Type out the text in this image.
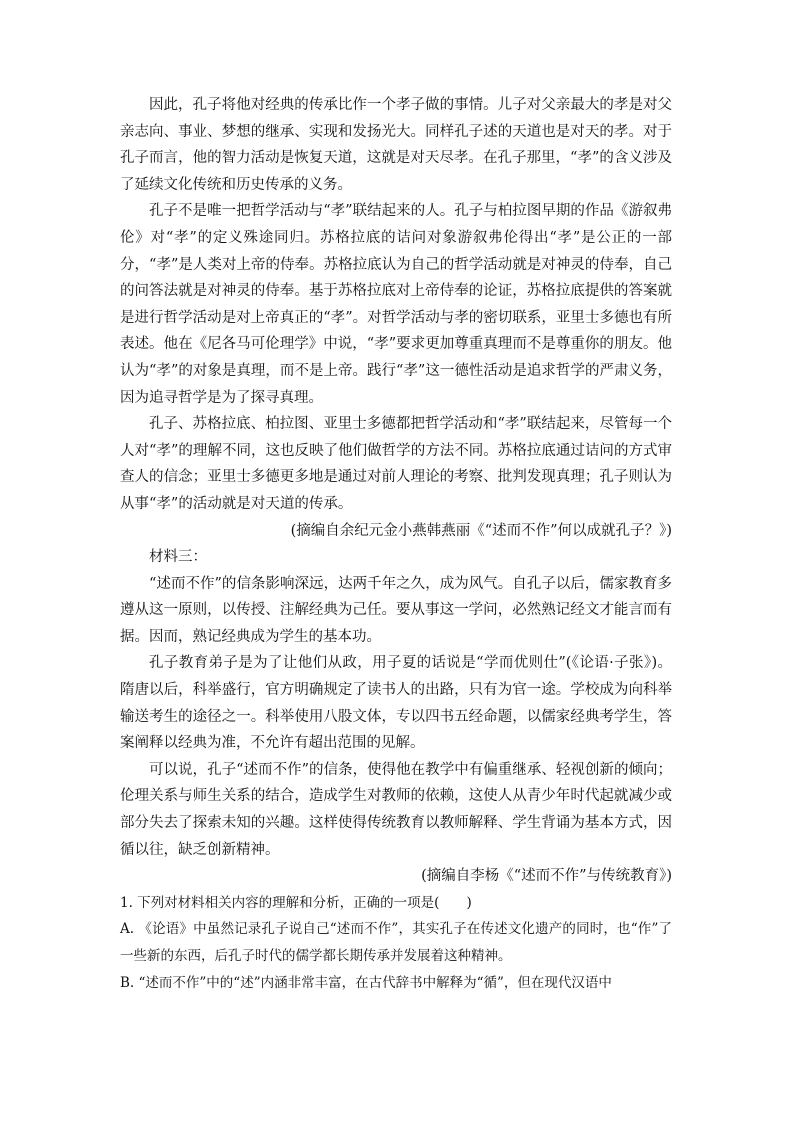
因此，孔子将他对经典的传承比作一个孝子做的事情。儿子对父亲最大的孝是对父亲志向、事业、梦想的继承、实现和发扬光大。同样孔子述的天道也是对天的孝。对于孔子而言，他的智力活动是恢复天道，这就是对天尽孝。在孔子那里，“孝”的含义涉及了延续文化传统和历史传承的义务。

孔子不是唯一把哲学活动与“孝”联结起来的人。孔子与柏拉图早期的作品《游叙弗伦》对“孝”的定义殊途同归。苏格拉底的诘问对象游叙弗伦得出“孝”是公正的一部分，“孝”是人类对上帝的侍奉。苏格拉底认为自己的哲学活动就是对神灵的侍奉，自己的问答法就是对神灵的侍奉。基于苏格拉底对上帝侍奉的论证，苏格拉底提供的答案就是进行哲学活动是对上帝真正的“孝”。对哲学活动与孝的密切联系，亚里士多德也有所表述。他在《尼各马可伦理学》中说，“孝”要求更加尊重真理而不是尊重你的朋友。他认为“孝”的对象是真理，而不是上帝。践行“孝”这一德性活动是追求哲学的严肃义务，因为追寻哲学是为了探寻真理。

孔子、苏格拉底、柏拉图、亚里士多德都把哲学活动和“孝”联结起来，尽管每一个人对“孝”的理解不同，这也反映了他们做哲学的方法不同。苏格拉底通过诘问的方式审查人的信念；亚里士多德更多地是通过对前人理论的考察、批判发现真理；孔子则认为从事“孝”的活动就是对天道的传承。

(摘编自余纪元金小燕韩燕丽《“述而不作”何以成就孔子？》)

材料三：

“述而不作”的信条影响深远，达两千年之久，成为风气。自孔子以后，儒家教育多遵从这一原则，以传授、注解经典为己任。要从事这一学问，必然熟记经文才能言而有据。因而，熟记经典成为学生的基本功。

孔子教育弟子是为了让他们从政，用子夏的话说是“学而优则仕”(《论语·子张》)。隋唐以后，科举盛行，官方明确规定了读书人的出路，只有为官一途。学校成为向科举输送考生的途径之一。科举使用八股文体，专以四书五经命题，以儒家经典考学生，答案阐释以经典为准，不允许有超出范围的见解。

可以说，孔子“述而不作”的信条，使得他在教学中有偏重继承、轻视创新的倾向；伦理关系与师生关系的结合，造成学生对教师的依赖，这使人从青少年时代起就减少或部分失去了探索未知的兴趣。这样使得传统教育以教师解释、学生背诵为基本方式，因循以往，缺乏创新精神。

(摘编自李杨《“述而不作”与传统教育》)

1. 下列对材料相关内容的理解和分析，正确的一项是(　　)

A. 《论语》中虽然记录孔子说自己“述而不作”，其实孔子在传述文化遗产的同时，也“作”了一些新的东西，后孔子时代的儒学都长期传承并发展着这种精神。

B. “述而不作”中的“述”内涵非常丰富，在古代辞书中解释为“循”，但在现代汉语中
